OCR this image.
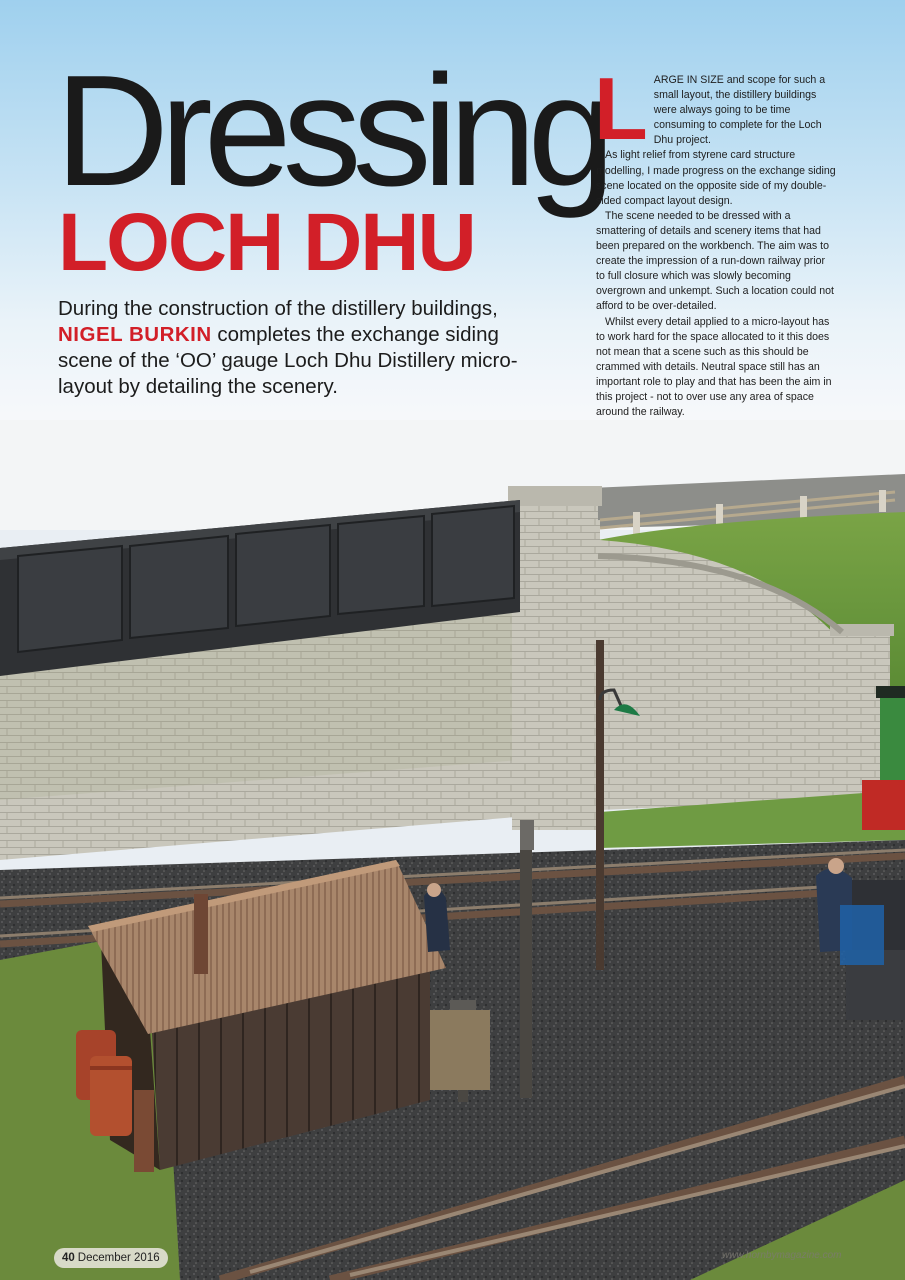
Dressing
LOCH DHU

During the construction of the distillery buildings, NIGEL BURKIN completes the exchange siding scene of the ‘OO’ gauge Loch Dhu Distillery micro-layout by detailing the scenery.

L ARGE IN SIZE and scope for such a small layout, the distillery buildings were always going to be time consuming to complete for the Loch Dhu project.

As light relief from styrene card structure modelling, I made progress on the exchange siding scene located on the opposite side of my double-sided compact layout design.

The scene needed to be dressed with a smattering of details and scenery items that had been prepared on the workbench. The aim was to create the impression of a run-down railway prior to full closure which was slowly becoming overgrown and unkempt. Such a location could not afford to be over-detailed.

Whilst every detail applied to a micro-layout has to work hard for the space allocated to it this does not mean that a scene such as this should be crammed with details. Neutral space still has an important role to play and that has been the aim in this project - not to over use any area of space around the railway.

40 December 2016	www.hornbymagazine.com
